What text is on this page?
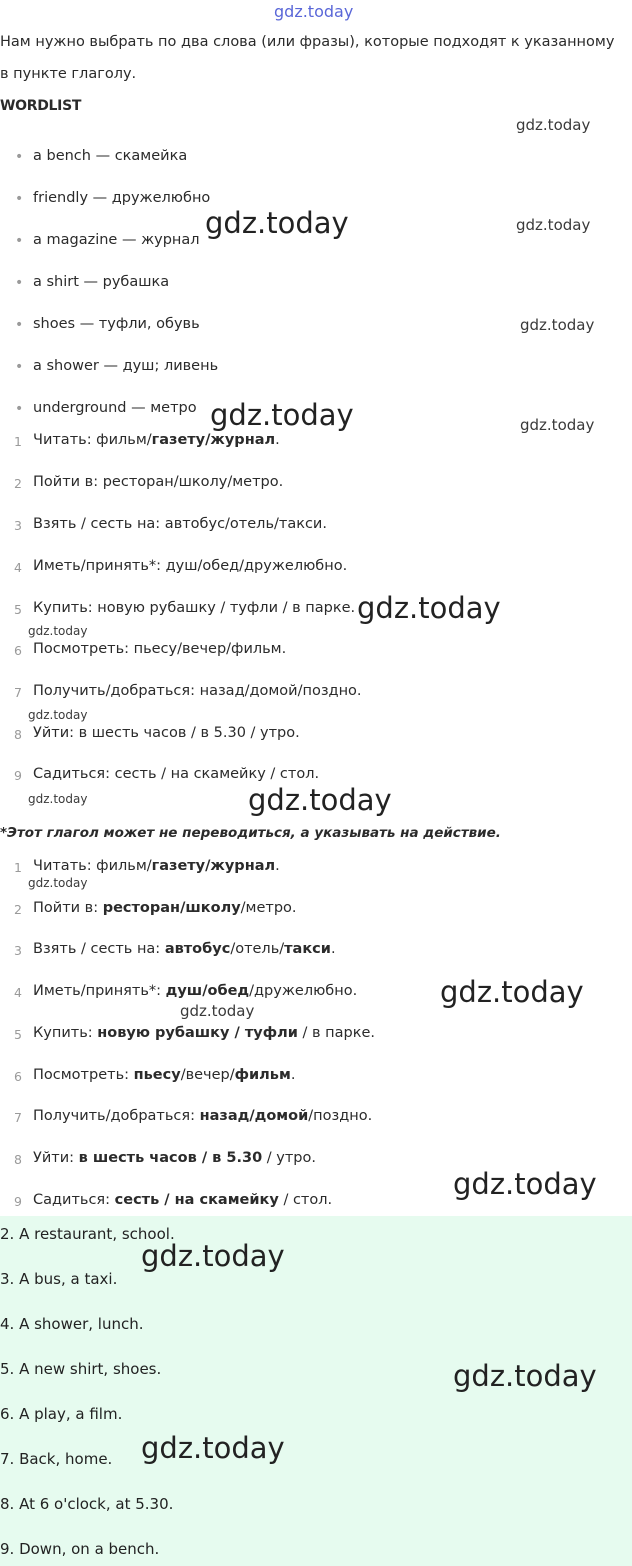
gdz.today
Нам нужно выбрать по два слова (или фразы), которые подходят к указанному
в пункте глаголу.
WORDLIST
• a bench — скамейка
• friendly — дружелюбно
• a magazine — журнал
• a shirt — рубашка
• shoes — туфли, обувь
• a shower — душ; ливень
• underground — метро
1 Читать: фильм/газету/журнал.
2 Пойти в: ресторан/школу/метро.
3 Взять / сесть на: автобус/отель/такси.
4 Иметь/принять*: душ/обед/дружелюбно.
5 Купить: новую рубашку / туфли / в парке.
6 Посмотреть: пьесу/вечер/фильм.
7 Получить/добраться: назад/домой/поздно.
8 Уйти: в шесть часов / в 5.30 / утро.
9 Садиться: сесть / на скамейку / стол.
*Этот глагол может не переводиться, а указывать на действие.
1 Читать: фильм/газету/журнал.
2 Пойти в: ресторан/школу/метро.
3 Взять / сесть на: автобус/отель/такси.
4 Иметь/принять*: душ/обед/дружелюбно.
5 Купить: новую рубашку / туфли / в парке.
6 Посмотреть: пьесу/вечер/фильм.
7 Получить/добраться: назад/домой/поздно.
8 Уйти: в шесть часов / в 5.30 / утро.
9 Садиться: сесть / на скамейку / стол.
2. A restaurant, school.
3. A bus, a taxi.
4. A shower, lunch.
5. A new shirt, shoes.
6. A play, a film.
7. Back, home.
8. At 6 o'clock, at 5.30.
9. Down, on a bench.
gdz.today
gdz.today	gdz.today
gdz.today
gdz.today	gdz.today
gdz.today
gdz.today
gdz.today
gdz.today	gdz.today
gdz.today
gdz.today
gdz.today
gdz.today
gdz.today
gdz.today
gdz.today
